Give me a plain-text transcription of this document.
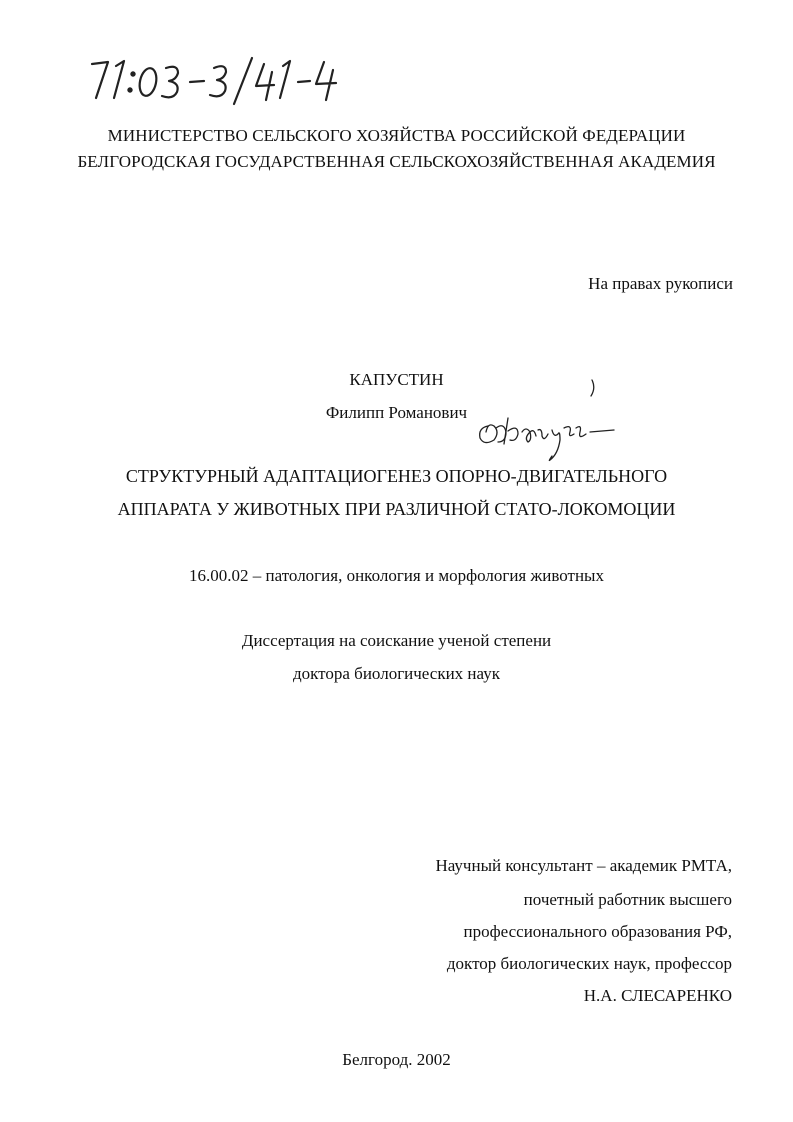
МИНИСТЕРСТВО СЕЛЬСКОГО ХОЗЯЙСТВА РОССИЙСКОЙ ФЕДЕРАЦИИ
БЕЛГОРОДСКАЯ ГОСУДАРСТВЕННАЯ СЕЛЬСКОХОЗЯЙСТВЕННАЯ АКАДЕМИЯ
На правах рукописи
КАПУСТИН
Филипп Романович
СТРУКТУРНЫЙ АДАПТАЦИОГЕНЕЗ ОПОРНО-ДВИГАТЕЛЬНОГО
АППАРАТА У ЖИВОТНЫХ ПРИ РАЗЛИЧНОЙ СТАТО-ЛОКОМОЦИИ
16.00.02 – патология, онкология и морфология животных
Диссертация на соискание ученой степени
доктора биологических наук
Научный консультант – академик РМТА,
почетный работник высшего
профессионального образования РФ,
доктор биологических наук, профессор
Н.А. СЛЕСАРЕНКО
Белгород. 2002
